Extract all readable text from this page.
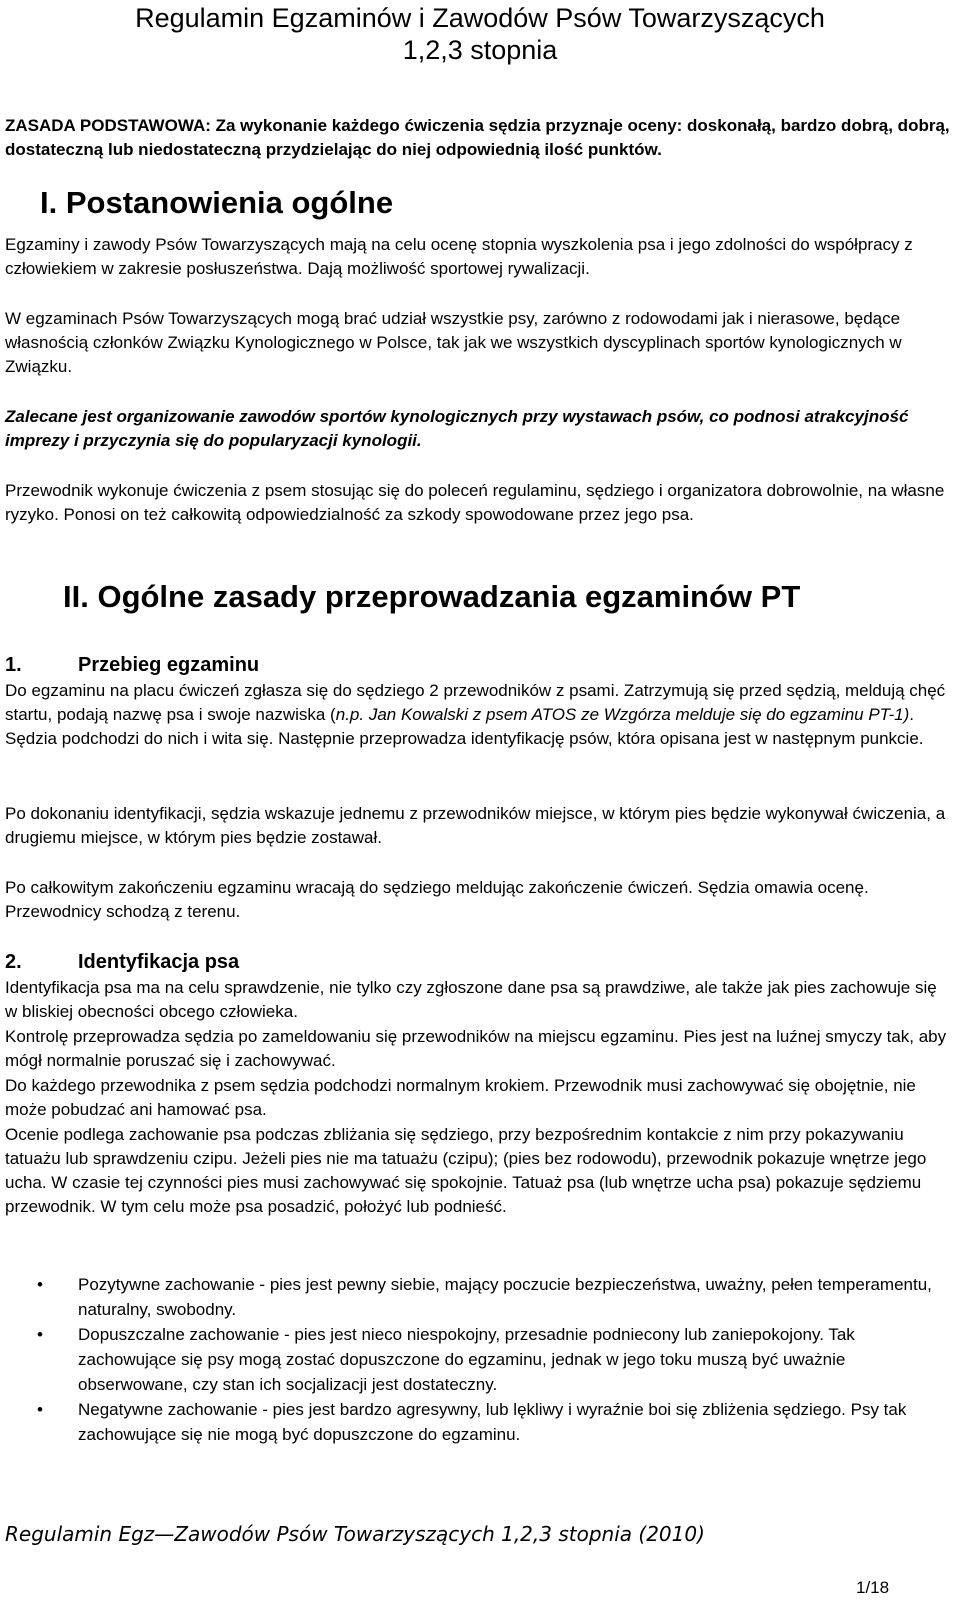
Regulamin Egzaminów i Zawodów Psów Towarzyszących
1,2,3 stopnia

ZASADA PODSTAWOWA: Za wykonanie każdego ćwiczenia sędzia przyznaje oceny: doskonałą, bardzo dobrą, dobrą, dostateczną lub niedostateczną przydzielając do niej odpowiednią ilość punktów.

I. Postanowienia ogólne

Egzaminy i zawody Psów Towarzyszących mają na celu ocenę stopnia wyszkolenia psa i jego zdolności do współpracy z człowiekiem w zakresie posłuszeństwa. Dają możliwość sportowej rywalizacji.

W egzaminach Psów Towarzyszących mogą brać udział wszystkie psy, zarówno z rodowodami jak i nierasowe, będące własnością członków Związku Kynologicznego w Polsce, tak jak we wszystkich dyscyplinach sportów kynologicznych w Związku.

Zalecane jest organizowanie zawodów sportów kynologicznych przy wystawach psów, co podnosi atrakcyjność imprezy i przyczynia się do popularyzacji kynologii.

Przewodnik wykonuje ćwiczenia z psem stosując się do poleceń regulaminu, sędziego i organizatora dobrowolnie, na własne ryzyko. Ponosi on też całkowitą odpowiedzialność za szkody spowodowane przez jego psa.

II. Ogólne zasady przeprowadzania egzaminów PT
1.	Przebieg egzaminu

Do egzaminu na placu ćwiczeń zgłasza się do sędziego 2 przewodników z psami. Zatrzymują się przed sędzią, meldują chęć startu, podają nazwę psa i swoje nazwiska (n.p. Jan Kowalski z psem ATOS ze Wzgórza melduje się do egzaminu PT-1). Sędzia podchodzi do nich i wita się. Następnie przeprowadza identyfikację psów, która opisana jest w następnym punkcie.

Po dokonaniu identyfikacji, sędzia wskazuje jednemu z przewodników miejsce, w którym pies będzie wykonywał ćwiczenia, a drugiemu miejsce, w którym pies będzie zostawał.

Po całkowitym zakończeniu egzaminu wracają do sędziego meldując zakończenie ćwiczeń. Sędzia omawia ocenę. Przewodnicy schodzą z terenu.

2.	Identyfikacja psa

Identyfikacja psa ma na celu sprawdzenie, nie tylko czy zgłoszone dane psa są prawdziwe, ale także jak pies zachowuje się w bliskiej obecności obcego człowieka.

Kontrolę przeprowadza sędzia po zameldowaniu się przewodników na miejscu egzaminu. Pies jest na luźnej smyczy tak, aby mógł normalnie poruszać się i zachowywać.

Do każdego przewodnika z psem sędzia podchodzi normalnym krokiem. Przewodnik musi zachowywać się obojętnie, nie może pobudzać ani hamować psa.

Ocenie podlega zachowanie psa podczas zbliżania się sędziego, przy bezpośrednim kontakcie z nim przy pokazywaniu tatuażu lub sprawdzeniu czipu. Jeżeli pies nie ma tatuażu (czipu); (pies bez rodowodu), przewodnik pokazuje wnętrze jego ucha. W czasie tej czynności pies musi zachowywać się spokojnie. Tatuaż psa (lub wnętrze ucha psa) pokazuje sędziemu przewodnik. W tym celu może psa posadzić, położyć lub podnieść.

• Pozytywne zachowanie - pies jest pewny siebie, mający poczucie bezpieczeństwa, uważny, pełen temperamentu, naturalny, swobodny.
• Dopuszczalne zachowanie - pies jest nieco niespokojny, przesadnie podniecony lub zaniepokojony. Tak zachowujące się psy mogą zostać dopuszczone do egzaminu, jednak w jego toku muszą być uważnie obserwowane, czy stan ich socjalizacji jest dostateczny.
• Negatywne zachowanie - pies jest bardzo agresywny, lub lękliwy i wyraźnie boi się zbliżenia sędziego. Psy tak zachowujące się nie mogą być dopuszczone do egzaminu.
Regulamin Egz—Zawodów Psów Towarzyszących 1,2,3 stopnia (2010)
1/18
